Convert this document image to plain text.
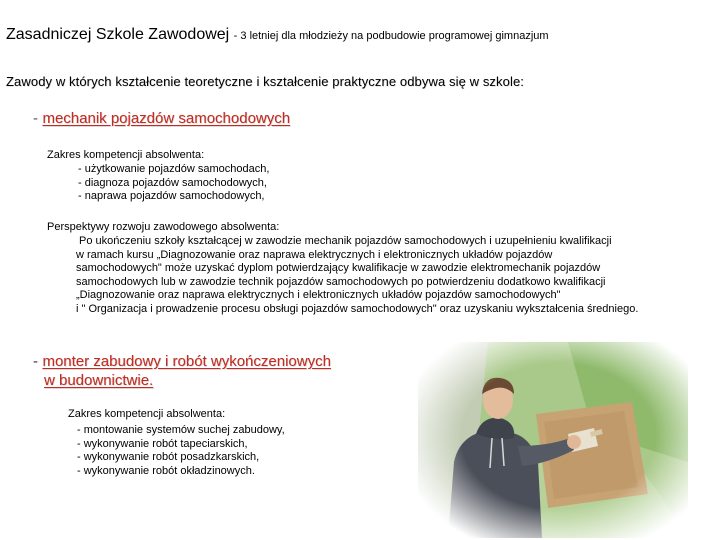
Zasadniczej Szkole Zawodowej - 3 letniej dla młodzieży na podbudowie programowej gimnazjum
Zawody w których kształcenie teoretyczne i kształcenie praktyczne odbywa się w szkole:
- mechanik pojazdów samochodowych
Zakres kompetencji absolwenta:
- użytkowanie pojazdów samochodach,
- diagnoza pojazdów samochodowych,
- naprawa pojazdów samochodowych,
Perspektywy rozwoju zawodowego absolwenta:
Po ukończeniu szkoły kształcącej w zawodzie mechanik pojazdów samochodowych i uzupełnieniu kwalifikacji
w ramach kursu „Diagnozowanie oraz naprawa elektrycznych i elektronicznych układów pojazdów
samochodowych" może uzyskać dyplom potwierdzający kwalifikacje w zawodzie elektromechanik pojazdów
samochodowych lub w zawodzie technik pojazdów samochodowych po potwierdzeniu dodatkowo kwalifikacji
„Diagnozowanie oraz naprawa elektrycznych i elektronicznych układów pojazdów samochodowych"
i " Organizacja i prowadzenie procesu obsługi pojazdów samochodowych" oraz uzyskaniu wykształcenia średniego.
- monter zabudowy i robót wykończeniowych
w budownictwie.
Zakres kompetencji absolwenta:
- montowanie systemów suchej zabudowy,
- wykonywanie robót tapeciarskich,
- wykonywanie robót posadzkarskich,
- wykonywanie robót okładzinowych.
